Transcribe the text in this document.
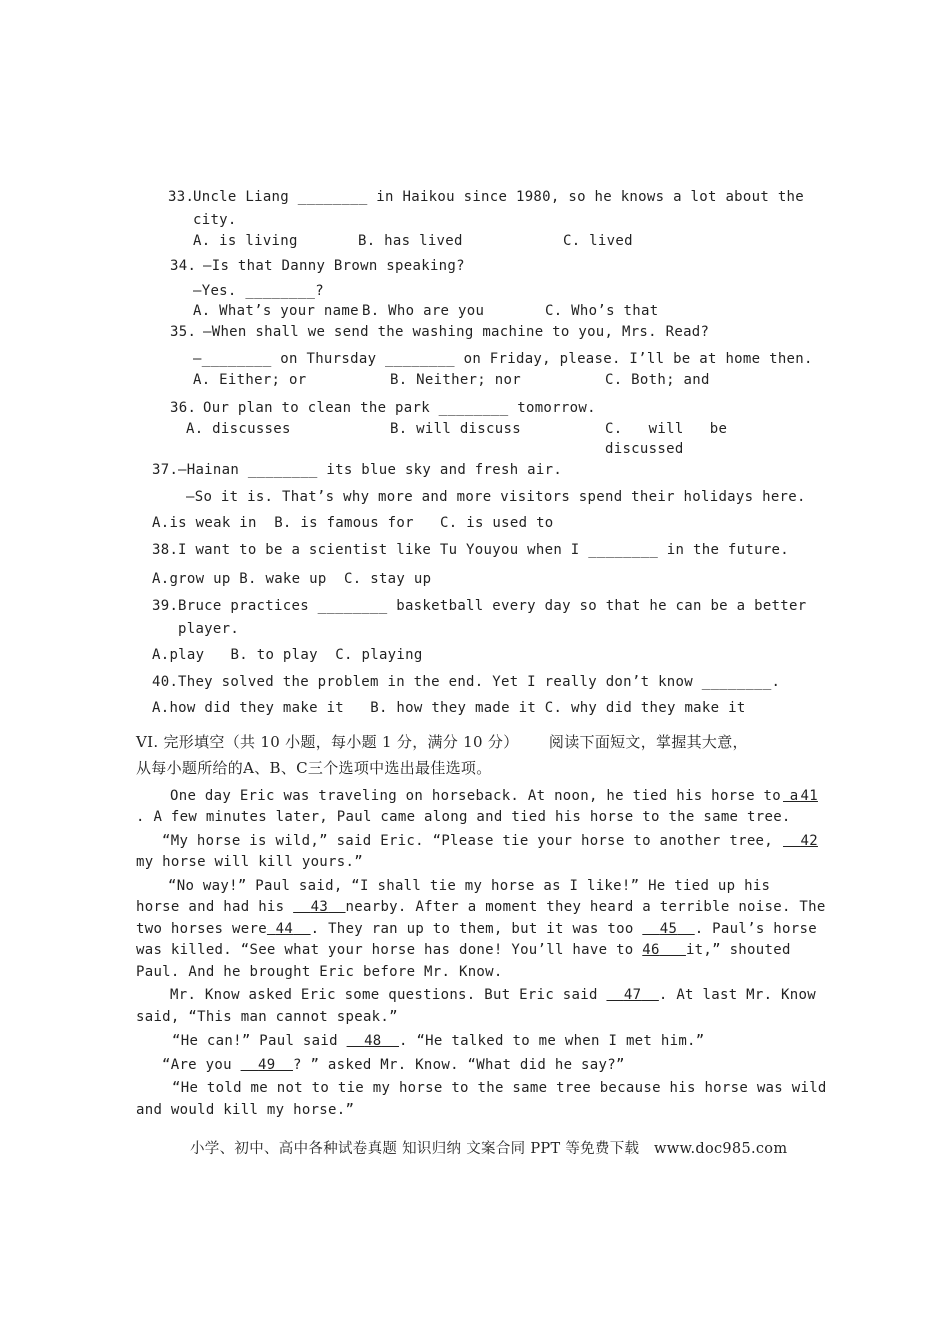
33.
Uncle Liang ________ in Haikou since 1980, so he knows a lot about the
city.
A. is living	B. has lived	C. lived
34. —Is that Danny Brown speaking?
—Yes. ________?
A. What’s your name B. Who are you	C. Who’s that
35. —When shall we send the washing machine to you, Mrs. Read?
—________ on Thursday ________ on Friday, please. I’ll be at home then.
A. Either; or	B. Neither; nor	C. Both; and
36. Our plan to clean the park ________ tomorrow.
A. discusses	B. will discuss	C.   will   be
discussed
37. —Hainan ________ its blue sky and fresh air.
—So it is. That’s why more and more visitors spend their holidays here.
A.is weak in  B. is famous for   C. is used to
38. I want to be a scientist like Tu Youyou when I ________ in the future.
A.grow up B. wake up  C. stay up
39. Bruce practices ________ basketball every day so that he can be a better
player.
A.play   B. to play  C. playing
40. They solved the problem in the end. Yet I really don’t know ________.
A.how did they make it   B. how they made it C. why did they make it
VI. 完形填空（共 10 小题，每小题 1 分，满分 10 分）      阅读下面短文，掌握其大意，
从每小题所给的A、B、C三个选项中选出最佳选项。
One day Eric was traveling on horseback. At noon, he tied his horse to a 41
. A few minutes later, Paul came along and tied his horse to the same tree.
“My horse is wild,” said Eric. “Please tie your horse to another tree,	42
my horse will kill yours.”
“No way!” Paul said, “I shall tie my horse as I like!” He tied up his
horse and had his 43 nearby. After a moment they heard a terrible noise. The
two horses were 44 . They ran up to them, but it was too 45 . Paul’s horse
was killed. “See what your horse has done! You’ll have to 46 it,” shouted
Paul. And he brought Eric before Mr. Know.
Mr. Know asked Eric some questions. But Eric said 47 . At last Mr. Know
said, “This man cannot speak.”
“He can!” Paul said 48 . “He talked to me when I met him.”
“Are you 49 ? ” asked Mr. Know. “What did he say?”
“He told me not to tie my horse to the same tree because his horse was wild
and would kill my horse.”
小学、初中、高中各种试卷真题 知识归纳 文案合同 PPT 等免费下载   www.doc985.com
